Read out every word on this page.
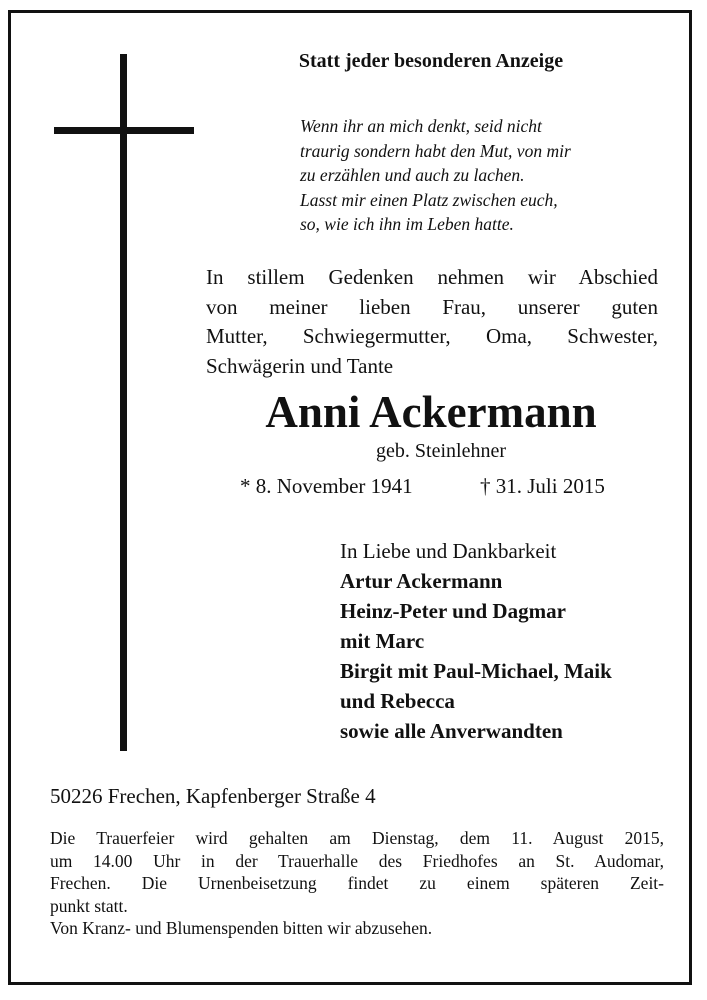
Statt jeder besonderen Anzeige
Wenn ihr an mich denkt, seid nicht
traurig sondern habt den Mut, von mir
zu erzählen und auch zu lachen.
Lasst mir einen Platz zwischen euch,
so, wie ich ihn im Leben hatte.
In stillem Gedenken nehmen wir Abschied
von meiner lieben Frau, unserer guten
Mutter, Schwiegermutter, Oma, Schwester,
Schwägerin und Tante
Anni Ackermann
geb. Steinlehner
* 8. November 1941	† 31. Juli 2015
In Liebe und Dankbarkeit
Artur Ackermann
Heinz-Peter und Dagmar
mit Marc
Birgit mit Paul-Michael, Maik
und Rebecca
sowie alle Anverwandten
50226 Frechen, Kapfenberger Straße 4
Die Trauerfeier wird gehalten am Dienstag, dem 11. August 2015,
um 14.00 Uhr in der Trauerhalle des Friedhofes an St. Audomar,
Frechen. Die Urnenbeisetzung findet zu einem späteren Zeit-
punkt statt.
Von Kranz- und Blumenspenden bitten wir abzusehen.
